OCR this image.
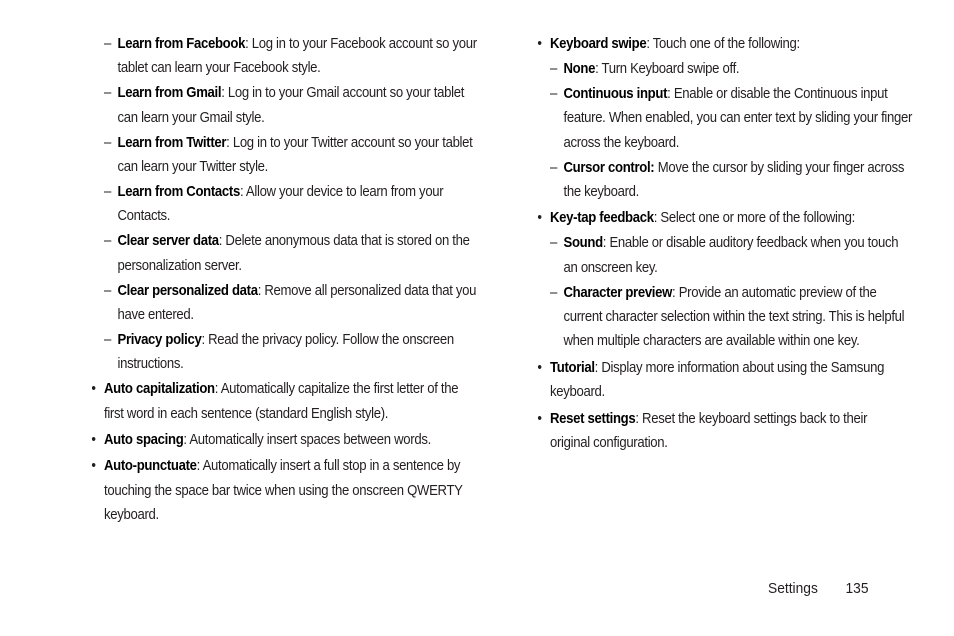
– Learn from Facebook: Log in to your Facebook account so your tablet can learn your Facebook style.
– Learn from Gmail: Log in to your Gmail account so your tablet can learn your Gmail style.
– Learn from Twitter: Log in to your Twitter account so your tablet can learn your Twitter style.
– Learn from Contacts: Allow your device to learn from your Contacts.
– Clear server data: Delete anonymous data that is stored on the personalization server.
– Clear personalized data: Remove all personalized data that you have entered.
– Privacy policy: Read the privacy policy. Follow the onscreen instructions.
• Auto capitalization: Automatically capitalize the first letter of the first word in each sentence (standard English style).
• Auto spacing: Automatically insert spaces between words.
• Auto-punctuate: Automatically insert a full stop in a sentence by touching the space bar twice when using the onscreen QWERTY keyboard.
• Keyboard swipe: Touch one of the following:
– None: Turn Keyboard swipe off.
– Continuous input: Enable or disable the Continuous input feature. When enabled, you can enter text by sliding your finger across the keyboard.
– Cursor control: Move the cursor by sliding your finger across the keyboard.
• Key-tap feedback: Select one or more of the following:
– Sound: Enable or disable auditory feedback when you touch an onscreen key.
– Character preview: Provide an automatic preview of the current character selection within the text string. This is helpful when multiple characters are available within one key.
• Tutorial: Display more information about using the Samsung keyboard.
• Reset settings: Reset the keyboard settings back to their original configuration.
Settings 135
